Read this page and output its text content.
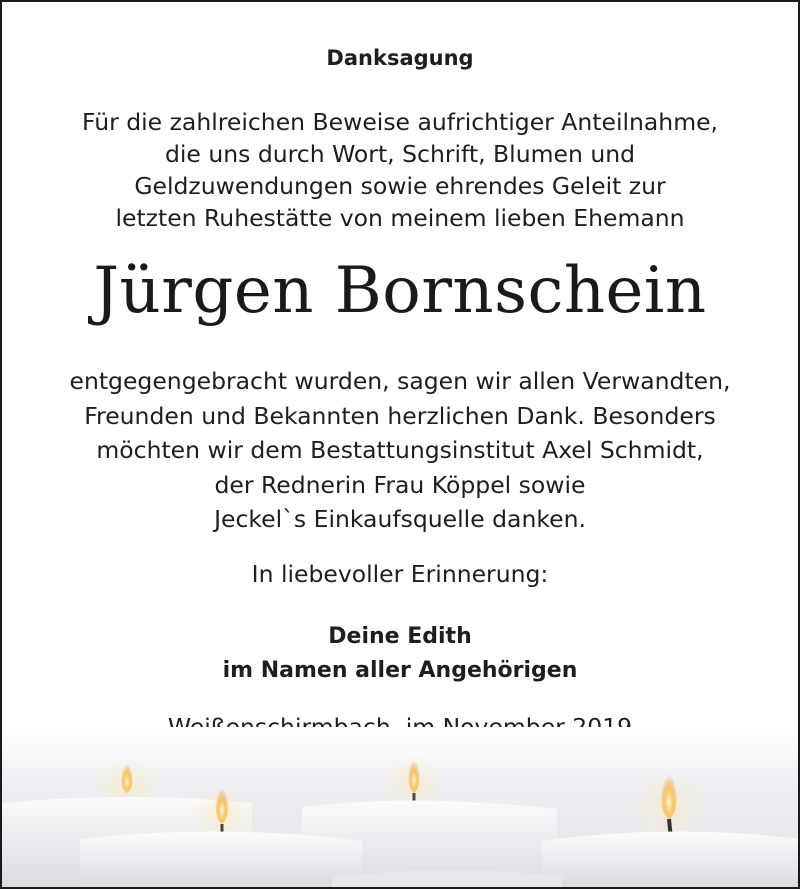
Danksagung
Für die zahlreichen Beweise aufrichtiger Anteilnahme,
die uns durch Wort, Schrift, Blumen und
Geldzuwendungen sowie ehrendes Geleit zur
letzten Ruhestätte von meinem lieben Ehemann
Jürgen Bornschein
entgegengebracht wurden, sagen wir allen Verwandten,
Freunden und Bekannten herzlichen Dank. Besonders
möchten wir dem Bestattungsinstitut Axel Schmidt,
der Rednerin Frau Köppel sowie
Jeckel`s Einkaufsquelle danken.
In liebevoller Erinnerung:
Deine Edith
im Namen aller Angehörigen
